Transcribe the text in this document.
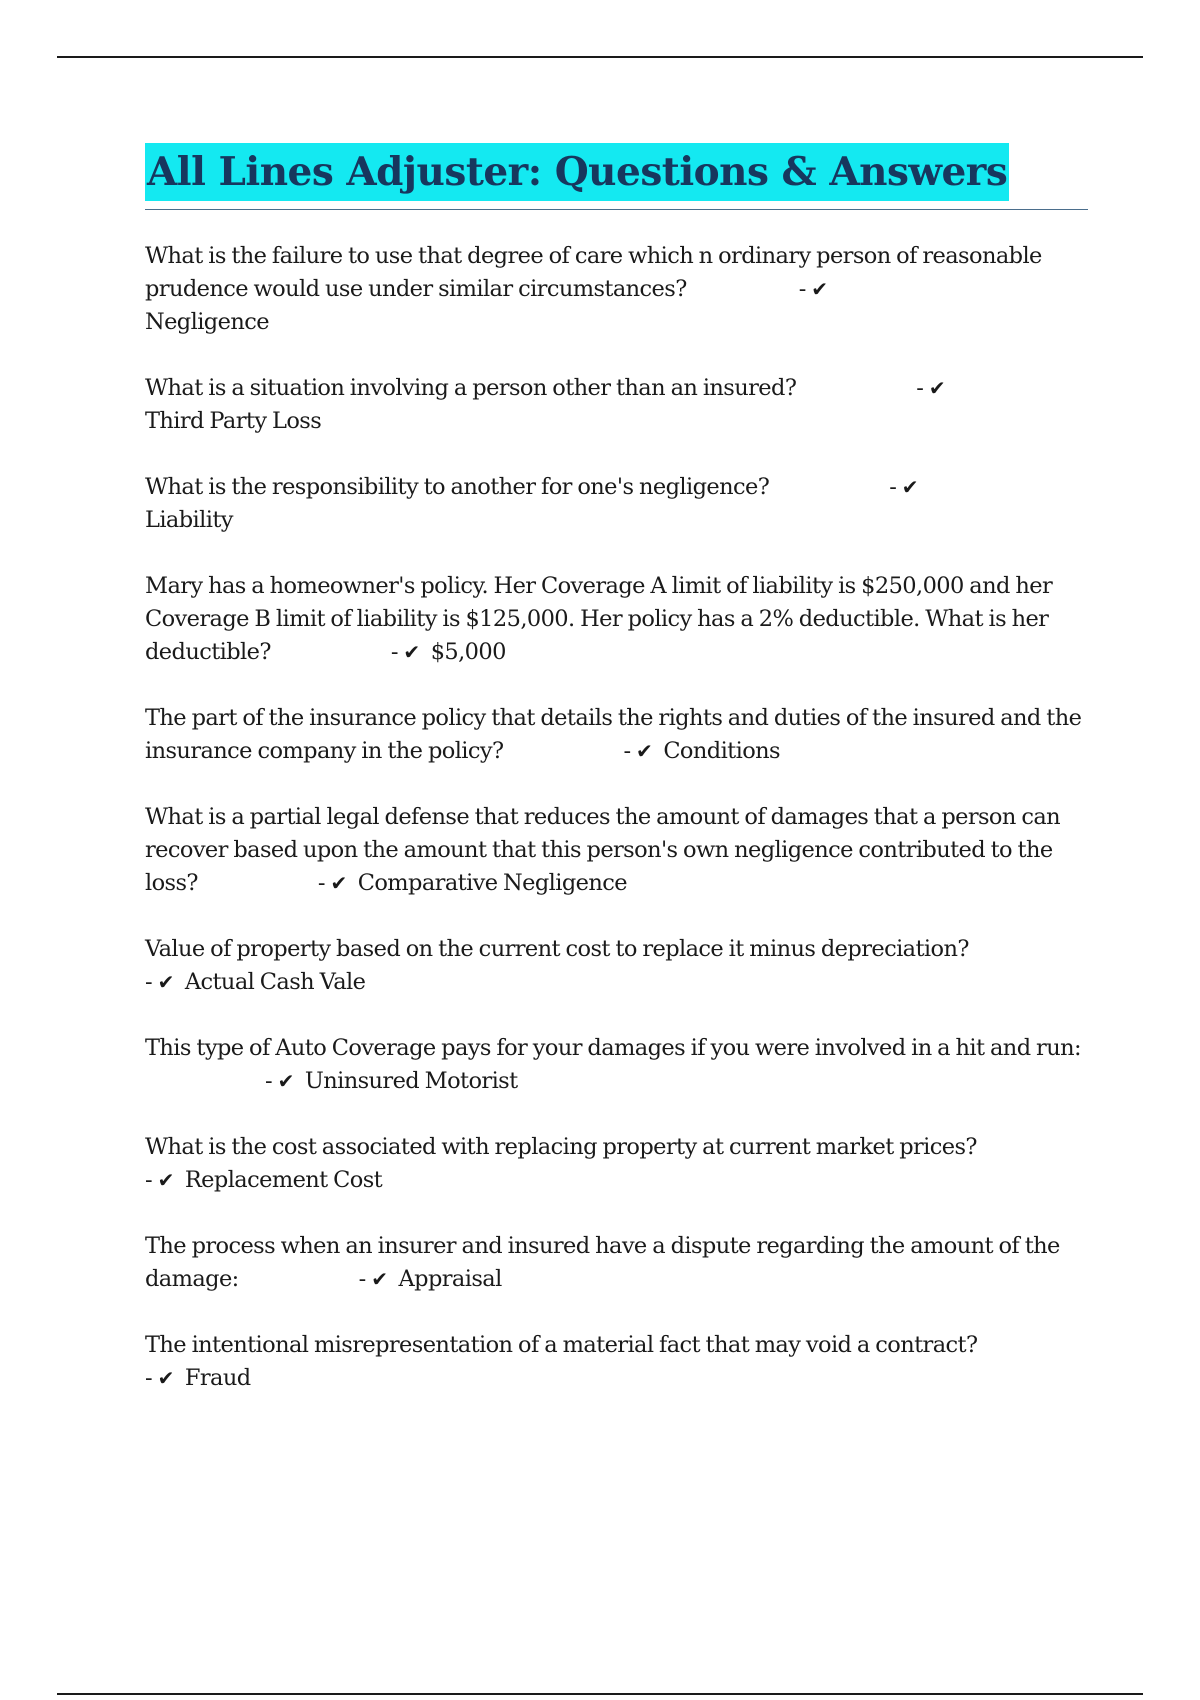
All Lines Adjuster: Questions & Answers
What is the failure to use that degree of care which n ordinary person of reasonable prudence would use under similar circumstances?	- ✔
Negligence
What is a situation involving a person other than an insured?	- ✔
Third Party Loss
What is the responsibility to another for one's negligence?	- ✔
Liability
Mary has a homeowner's policy. Her Coverage A limit of liability is $250,000 and her Coverage B limit of liability is $125,000. Her policy has a 2% deductible. What is her deductible?	- ✔ $5,000
The part of the insurance policy that details the rights and duties of the insured and the insurance company in the policy?	- ✔ Conditions
What is a partial legal defense that reduces the amount of damages that a person can recover based upon the amount that this person's own negligence contributed to the loss?	- ✔ Comparative Negligence
Value of property based on the current cost to replace it minus depreciation?
- ✔ Actual Cash Vale
This type of Auto Coverage pays for your damages if you were involved in a hit and run:- ✔ Uninsured Motorist
What is the cost associated with replacing property at current market prices?
- ✔ Replacement Cost
The process when an insurer and insured have a dispute regarding the amount of the damage:	- ✔ Appraisal
The intentional misrepresentation of a material fact that may void a contract?
- ✔ Fraud
